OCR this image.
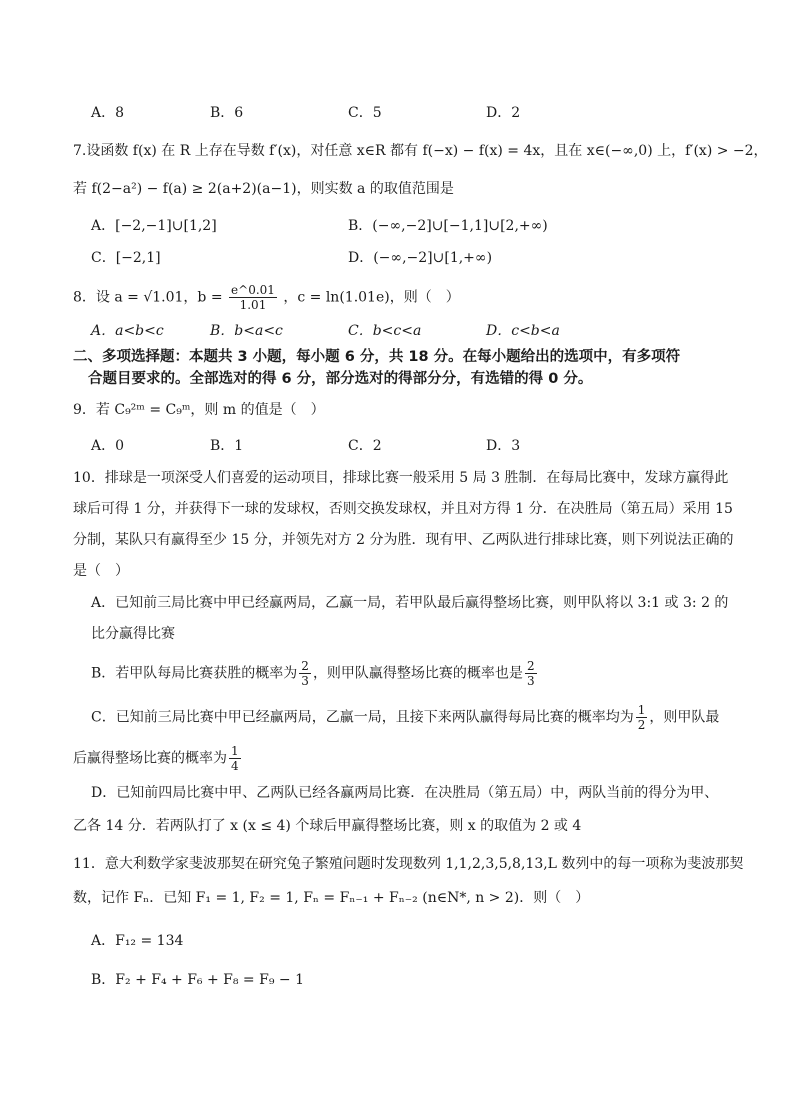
A．8	B．6	C．5	D．2
7.设函数 f(x) 在 R 上存在导数 f′(x)，对任意 x∈R 都有 f(−x) − f(x) = 4x，且在 x∈(−∞,0) 上，f′(x) > −2，
若 f(2−a²) − f(a) ≥ 2(a+2)(a−1)，则实数 a 的取值范围是
A．[−2,−1]∪[1,2]	B．(−∞,−2]∪[−1,1]∪[2,+∞)
C．[−2,1]	D．(−∞,−2]∪[1,+∞)
8．设 a = √1.01，$b = \frac{e\^{}0.01}{1.01}$ ，c = ln(1.01e)，则（　）
A．a<b<c	B．b<a<c	C．b<c<a	D．c<b<a
二、多项选择题：本题共 3 小题，每小题 6 分，共 18 分。在每小题给出的选项中，有多项符
合题目要求的。全部选对的得 6 分，部分选对的得部分分，有选错的得 0 分。
9．若 C₉²ᵐ = C₉ᵐ，则 m 的值是（　）
A．0	B．1	C．2	D．3
10．排球是一项深受人们喜爱的运动项目，排球比赛一般采用 5 局 3 胜制．在每局比赛中，发球方赢得此
球后可得 1 分，并获得下一球的发球权，否则交换发球权，并且对方得 1 分．在决胜局（第五局）采用 15
分制，某队只有赢得至少 15 分，并领先对方 2 分为胜．现有甲、乙两队进行排球比赛，则下列说法正确的
是（　）
A．已知前三局比赛中甲已经赢两局，乙赢一局，若甲队最后赢得整场比赛，则甲队将以 3:1 或 3: 2 的
比分赢得比赛
B．若甲队每局比赛获胜的概率为 $\frac{2}{3}$ ，则甲队赢得整场比赛的概率也是 $\frac{2}{3}$
C．已知前三局比赛中甲已经赢两局，乙赢一局，且接下来两队赢得每局比赛的概率均为 $\frac{1}{2}$ ，则甲队最
后赢得整场比赛的概率为 $\frac{1}{4}$
D．已知前四局比赛中甲、乙两队已经各赢两局比赛．在决胜局（第五局）中，两队当前的得分为甲、
乙各 14 分．若两队打了 x (x ≤ 4) 个球后甲赢得整场比赛，则 x 的取值为 2 或 4
11．意大利数学家斐波那契在研究兔子繁殖问题时发现数列 1,1,2,3,5,8,13,L 数列中的每一项称为斐波那契
数，记作 Fₙ．已知 F₁ = 1, F₂ = 1, Fₙ = Fₙ₋₁ + Fₙ₋₂ (n∈N*, n > 2)．则（　）
A．F₁₂ = 134
B．F₂ + F₄ + F₆ + F₈ = F₉ − 1
